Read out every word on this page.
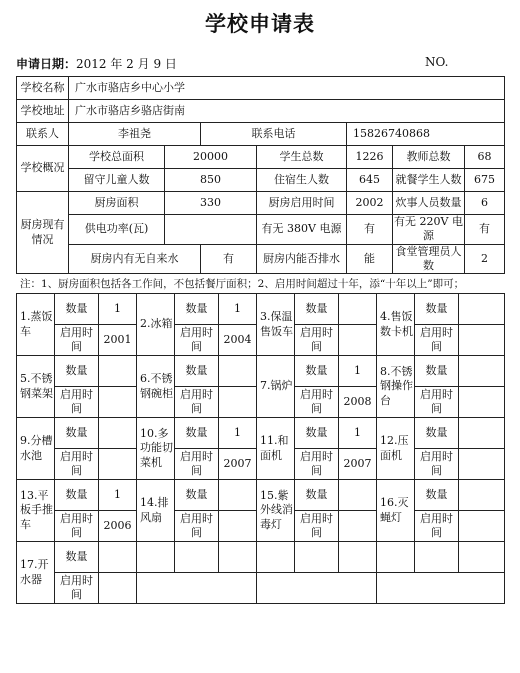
学校申请表
申请日期：2012 年 2 月 9 日	NO.
学校名称	广水市骆店乡中心小学						
学校地址	广水市骆店乡骆店街南						
联系人	李祖尧		联系电话		15826740868		
学校概况	学校总面积	20000		学生总数	1226	教师总数	68
	留守儿童人数	850		住宿生人数	645	就餐学生人数	675
厨房现有情况	厨房面积	330		厨房启用时间	2002	炊事人员数量	6
	供电功率(瓦)			有无 380V 电源	有	有无 220V 电源	有
	厨房内有无自来水		有	厨房内能否排水	能	食堂管理员人数	2
注：1、厨房面积包括各工作间，不包括餐厅面积；2、启用时间超过十年，添“十年以上”即可；
1.蒸饭车	数量	1	2.冰箱	数量	1	3.保温售饭车	数量		4.售饭数卡机	数量	
	启用时间	2001		启用时间	2004		启用时间			启用时间	
5.不锈钢菜架	数量		6.不锈钢碗柜	数量		7.锅炉	数量	1	8.不锈钢操作台	数量	
	启用时间			启用时间			启用时间	2008		启用时间	
9.分槽水池	数量		10.多功能切菜机	数量	1	11.和面机	数量	1	12.压面机	数量	
	启用时间			启用时间	2007		启用时间	2007		启用时间	
13.平板手推车	数量	1	14.排风扇	数量		15.紫外线消毒灯	数量		16.灭蝇灯	数量	
	启用时间	2006		启用时间			启用时间			启用时间	
17.开水器	数量										
	启用时间										
